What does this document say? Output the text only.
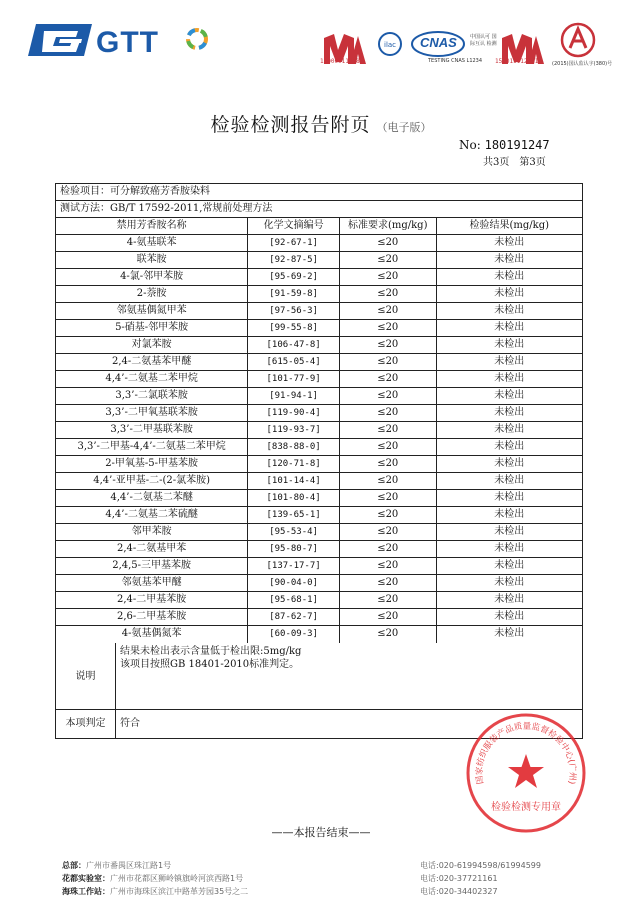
GTT
170000113982
ilac CNAS
TESTING CNAS L1234
中国认可 国际互认 检测
150011112181	(2015)国认监认字(380)号
检验检测报告附页 （电子版）
No: 180191247
共3页 第3页
检验项目：可分解致癌芳香胺染料
测试方法：GB/T 17592-2011,常规前处理方法
禁用芳香胺名称	化学文摘编号	标准要求(mg/kg)	检验结果(mg/kg)
4-氨基联苯	[92-67-1]	≤20	未检出
联苯胺	[92-87-5]	≤20	未检出
4-氯-邻甲苯胺	[95-69-2]	≤20	未检出
2-萘胺	[91-59-8]	≤20	未检出
邻氨基偶氮甲苯	[97-56-3]	≤20	未检出
5-硝基-邻甲苯胺	[99-55-8]	≤20	未检出
对氯苯胺	[106-47-8]	≤20	未检出
2,4-二氨基苯甲醚	[615-05-4]	≤20	未检出
4,4’-二氨基二苯甲烷	[101-77-9]	≤20	未检出
3,3’-二氯联苯胺	[91-94-1]	≤20	未检出
3,3’-二甲氧基联苯胺	[119-90-4]	≤20	未检出
3,3’-二甲基联苯胺	[119-93-7]	≤20	未检出
3,3’-二甲基-4,4’-二氨基二苯甲烷	[838-88-0]	≤20	未检出
2-甲氧基-5-甲基苯胺	[120-71-8]	≤20	未检出
4,4’-亚甲基-二-(2-氯苯胺)	[101-14-4]	≤20	未检出
4,4’-二氨基二苯醚	[101-80-4]	≤20	未检出
4,4’-二氨基二苯硫醚	[139-65-1]	≤20	未检出
邻甲苯胺	[95-53-4]	≤20	未检出
2,4-二氨基甲苯	[95-80-7]	≤20	未检出
2,4,5-三甲基苯胺	[137-17-7]	≤20	未检出
邻氨基苯甲醚	[90-04-0]	≤20	未检出
2,4-二甲基苯胺	[95-68-1]	≤20	未检出
2,6-二甲基苯胺	[87-62-7]	≤20	未检出
4-氨基偶氮苯	[60-09-3]	≤20	未检出
说明
结果未检出表示含量低于检出限:5mg/kg
该项目按照GB 18401-2010标准判定。
本项判定	符合
国家纺织服装产品质量监督检验中心(广州)
检验检测专用章
——本报告结束——
总部：广州市番禺区珠江路1号	电话:020-61994598/61994599
花都实验室：广州市花都区狮岭镇旗岭河滨西路1号	电话:020-37721161
海珠工作站：广州市海珠区滨江中路革芳园35号之二	电话:020-34402327
